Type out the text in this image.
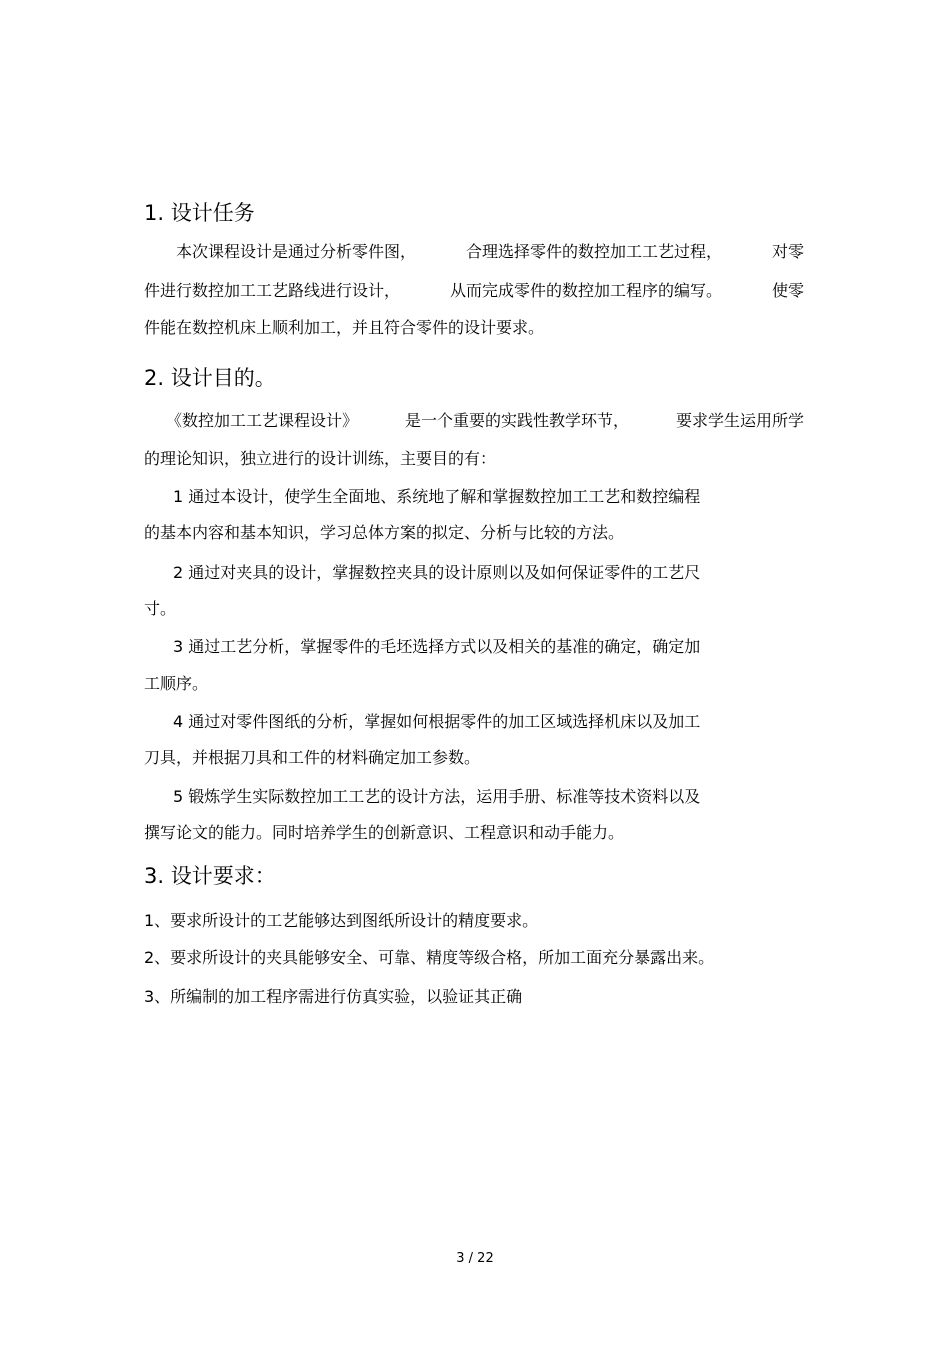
1. 设计任务
本次课程设计是通过分析零件图，	合理选择零件的数控加工工艺过程，	对零
件进行数控加工工艺路线进行设计，	从而完成零件的数控加工程序的编写。	使零
件能在数控机床上顺利加工，并且符合零件的设计要求。
2. 设计目的。
《数控加工工艺课程设计》	是一个重要的实践性教学环节，	要求学生运用所学
的理论知识，独立进行的设计训练，主要目的有：
1 通过本设计，使学生全面地、系统地了解和掌握数控加工工艺和数控编程
的基本内容和基本知识，学习总体方案的拟定、分析与比较的方法。
2 通过对夹具的设计，掌握数控夹具的设计原则以及如何保证零件的工艺尺
寸。
3 通过工艺分析，掌握零件的毛坯选择方式以及相关的基准的确定，确定加
工顺序。
4 通过对零件图纸的分析，掌握如何根据零件的加工区域选择机床以及加工
刀具，并根据刀具和工件的材料确定加工参数。
5 锻炼学生实际数控加工工艺的设计方法，运用手册、标准等技术资料以及
撰写论文的能力。同时培养学生的创新意识、工程意识和动手能力。
3. 设计要求：
1、要求所设计的工艺能够达到图纸所设计的精度要求。
2、要求所设计的夹具能够安全、可靠、精度等级合格，所加工面充分暴露出来。
3、所编制的加工程序需进行仿真实验，以验证其正确
3 / 22
